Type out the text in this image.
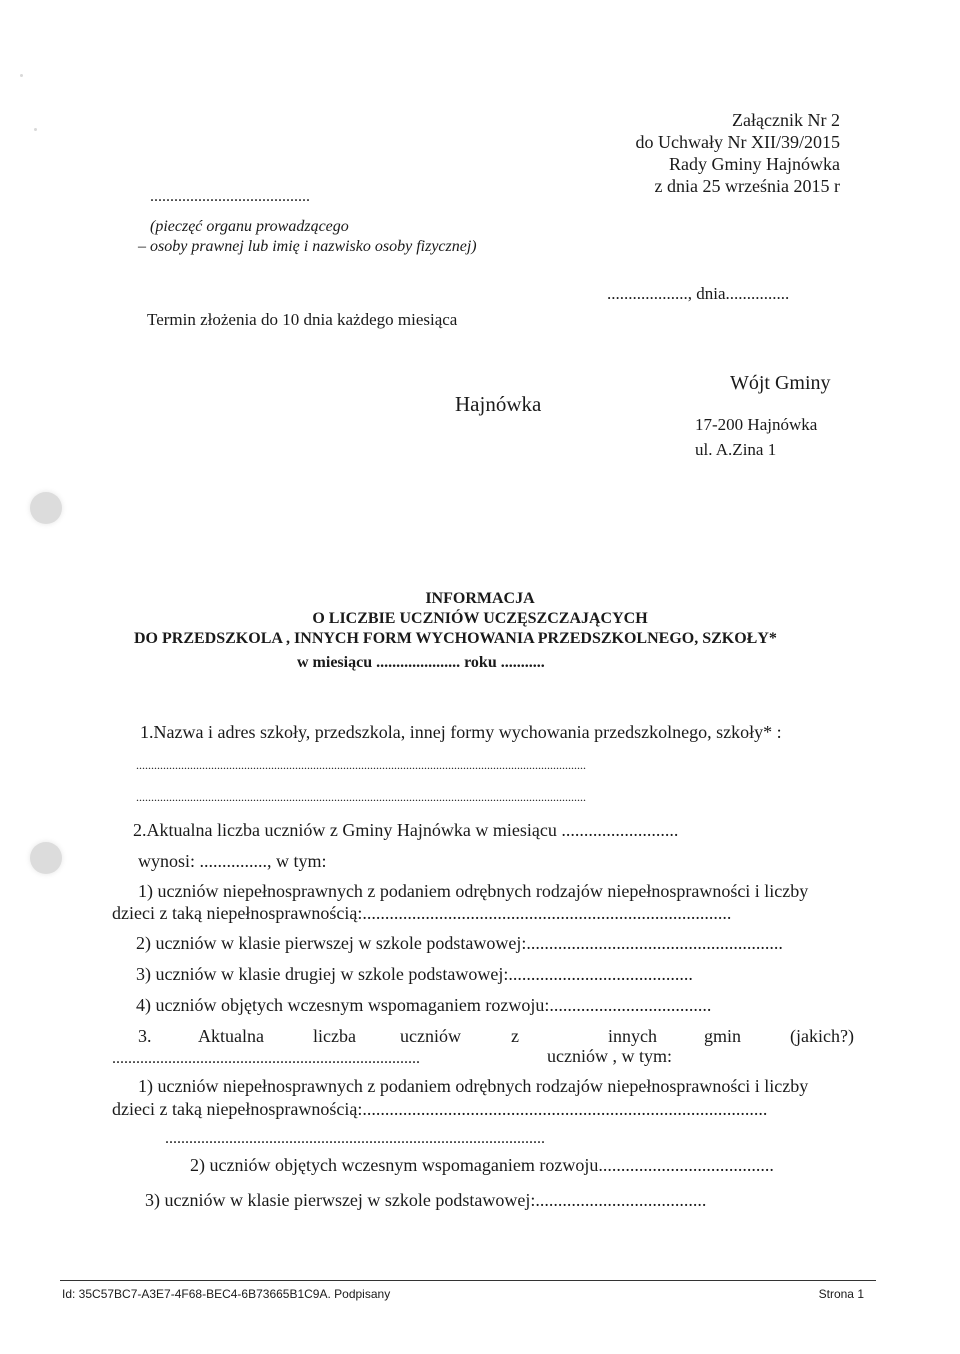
Załącznik Nr 2
do Uchwały Nr XII/39/2015
Rady Gminy Hajnówka
z dnia 25 września 2015 r
........................................
(pieczęć organu prowadzącego
– osoby prawnej lub imię i nazwisko osoby fizycznej)
Termin złożenia do 10 dnia każdego miesiąca
..................., dnia...............
Hajnówka
Wójt Gminy
17-200 Hajnówka
ul. A.Zina 1
INFORMACJA
O LICZBIE UCZNIÓW UCZĘSZCZAJĄCYCH
DO PRZEDSZKOLA , INNYCH FORM WYCHOWANIA PRZEDSZKOLNEGO, SZKOŁY*
w miesiącu ..................... roku ...........
1.Nazwa i adres szkoły, przedszkola, innej formy wychowania przedszkolnego, szkoły* :
......................................................................................................................................................
......................................................................................................................................................
2.Aktualna liczba uczniów z Gminy Hajnówka w miesiącu ..........................
wynosi: ..............., w tym:
1) uczniów niepełnosprawnych z podaniem odrębnych rodzajów niepełnosprawności i liczby
dzieci z taką niepełnosprawnością:..................................................................................
2) uczniów w klasie pierwszej w szkole podstawowej:.........................................................
3) uczniów w klasie drugiej w szkole podstawowej:.........................................
4) uczniów objętych wczesnym wspomaganiem rozwoju:....................................
3.	Aktualna	liczba uczniów	z	innych	gmin	(jakich?)
.............................................................................	uczniów , w tym:
1) uczniów niepełnosprawnych z podaniem odrębnych rodzajów niepełnosprawności i liczby
dzieci z taką niepełnosprawnością:..........................................................................................
...............................................................................................
2) uczniów objętych wczesnym wspomaganiem rozwoju.......................................
3) uczniów w klasie pierwszej w szkole podstawowej:......................................
Id: 35C57BC7-A3E7-4F68-BEC4-6B73665B1C9A. Podpisany	Strona 1
